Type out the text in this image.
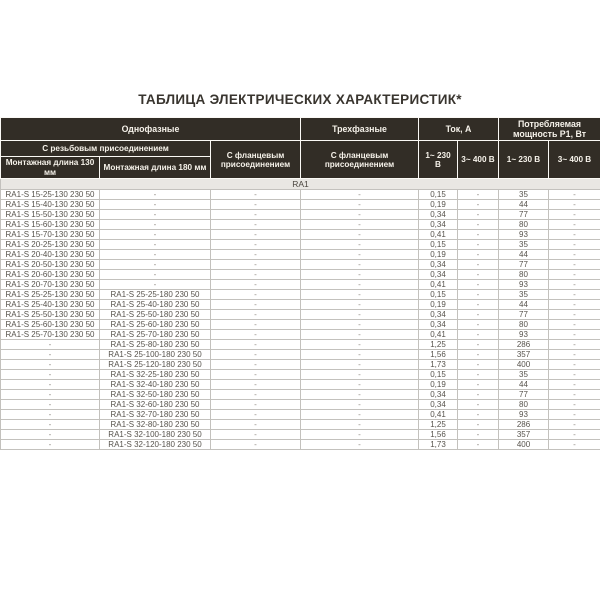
ТАБЛИЦА ЭЛЕКТРИЧЕСКИХ ХАРАКТЕРИСТИК*
Однофазные			Трехфазные	Ток, А		Потребляемая мощность P1, Вт	
С резьбовым присоединением		С фланцевым присоединением	С фланцевым присоединением	1~ 230 В	3~ 400 В	1~ 230 В	3~ 400 В
Монтажная длина 130 мм	Монтажная длина 180 мм						
RA1							
RA1-S 15-25-130 230 50	-	-	-	0,15	-	35	-
RA1-S 15-40-130 230 50	-	-	-	0,19	-	44	-
RA1-S 15-50-130 230 50	-	-	-	0,34	-	77	-
RA1-S 15-60-130 230 50	-	-	-	0,34	-	80	-
RA1-S 15-70-130 230 50	-	-	-	0,41	-	93	-
RA1-S 20-25-130 230 50	-	-	-	0,15	-	35	-
RA1-S 20-40-130 230 50	-	-	-	0,19	-	44	-
RA1-S 20-50-130 230 50	-	-	-	0,34	-	77	-
RA1-S 20-60-130 230 50	-	-	-	0,34	-	80	-
RA1-S 20-70-130 230 50	-	-	-	0,41	-	93	-
RA1-S 25-25-130 230 50	RA1-S 25-25-180 230 50	-	-	0,15	-	35	-
RA1-S 25-40-130 230 50	RA1-S 25-40-180 230 50	-	-	0,19	-	44	-
RA1-S 25-50-130 230 50	RA1-S 25-50-180 230 50	-	-	0,34	-	77	-
RA1-S 25-60-130 230 50	RA1-S 25-60-180 230 50	-	-	0,34	-	80	-
RA1-S 25-70-130 230 50	RA1-S 25-70-180 230 50	-	-	0,41	-	93	-
-	RA1-S 25-80-180 230 50	-	-	1,25	-	286	-
-	RA1-S 25-100-180 230 50	-	-	1,56	-	357	-
-	RA1-S 25-120-180 230 50	-	-	1,73	-	400	-
-	RA1-S 32-25-180 230 50	-	-	0,15	-	35	-
-	RA1-S 32-40-180 230 50	-	-	0,19	-	44	-
-	RA1-S 32-50-180 230 50	-	-	0,34	-	77	-
-	RA1-S 32-60-180 230 50	-	-	0,34	-	80	-
-	RA1-S 32-70-180 230 50	-	-	0,41	-	93	-
-	RA1-S 32-80-180 230 50	-	-	1,25	-	286	-
-	RA1-S 32-100-180 230 50	-	-	1,56	-	357	-
-	RA1-S 32-120-180 230 50	-	-	1,73	-	400	-
